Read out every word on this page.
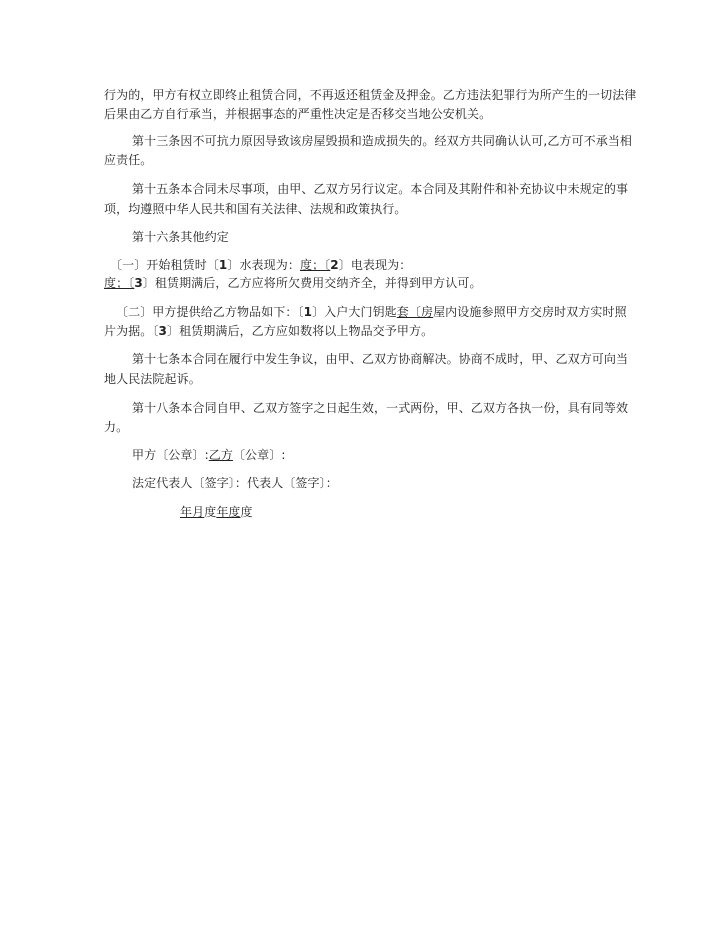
行为的，甲方有权立即终止租赁合同，不再返还租赁金及押金。乙方违法犯罪行为所产生的一切法律
后果由乙方自行承当，并根据事态的严重性决定是否移交当地公安机关。
第十三条因不可抗力原因导致该房屋毁损和造成损失的。经双方共同确认认可,乙方可不承当相
应责任。
第十五条本合同未尽事项，由甲、乙双方另行议定。本合同及其附件和补充协议中未规定的事
项，均遵照中华人民共和国有关法律、法规和政策执行。
第十六条其他约定
〔一〕开始租赁时〔1〕水表现为：度；〔2〕电表现为：
度；〔3〕租赁期满后，乙方应将所欠费用交纳齐全，并得到甲方认可。
〔二〕甲方提供给乙方物品如下：〔1〕入户大门钥匙套〔房屋内设施参照甲方交房时双方实时照
片为据。〔3〕租赁期满后，乙方应如数将以上物品交予甲方。
第十七条本合同在履行中发生争议，由甲、乙双方协商解决。协商不成时，甲、乙双方可向当
地人民法院起诉。
第十八条本合同自甲、乙双方签字之日起生效，一式两份，甲、乙双方各执一份，具有同等效
力。
甲方〔公章〕:乙方〔公章〕:
法定代表人〔签字〕：代表人〔签字〕：
年月度年度度
